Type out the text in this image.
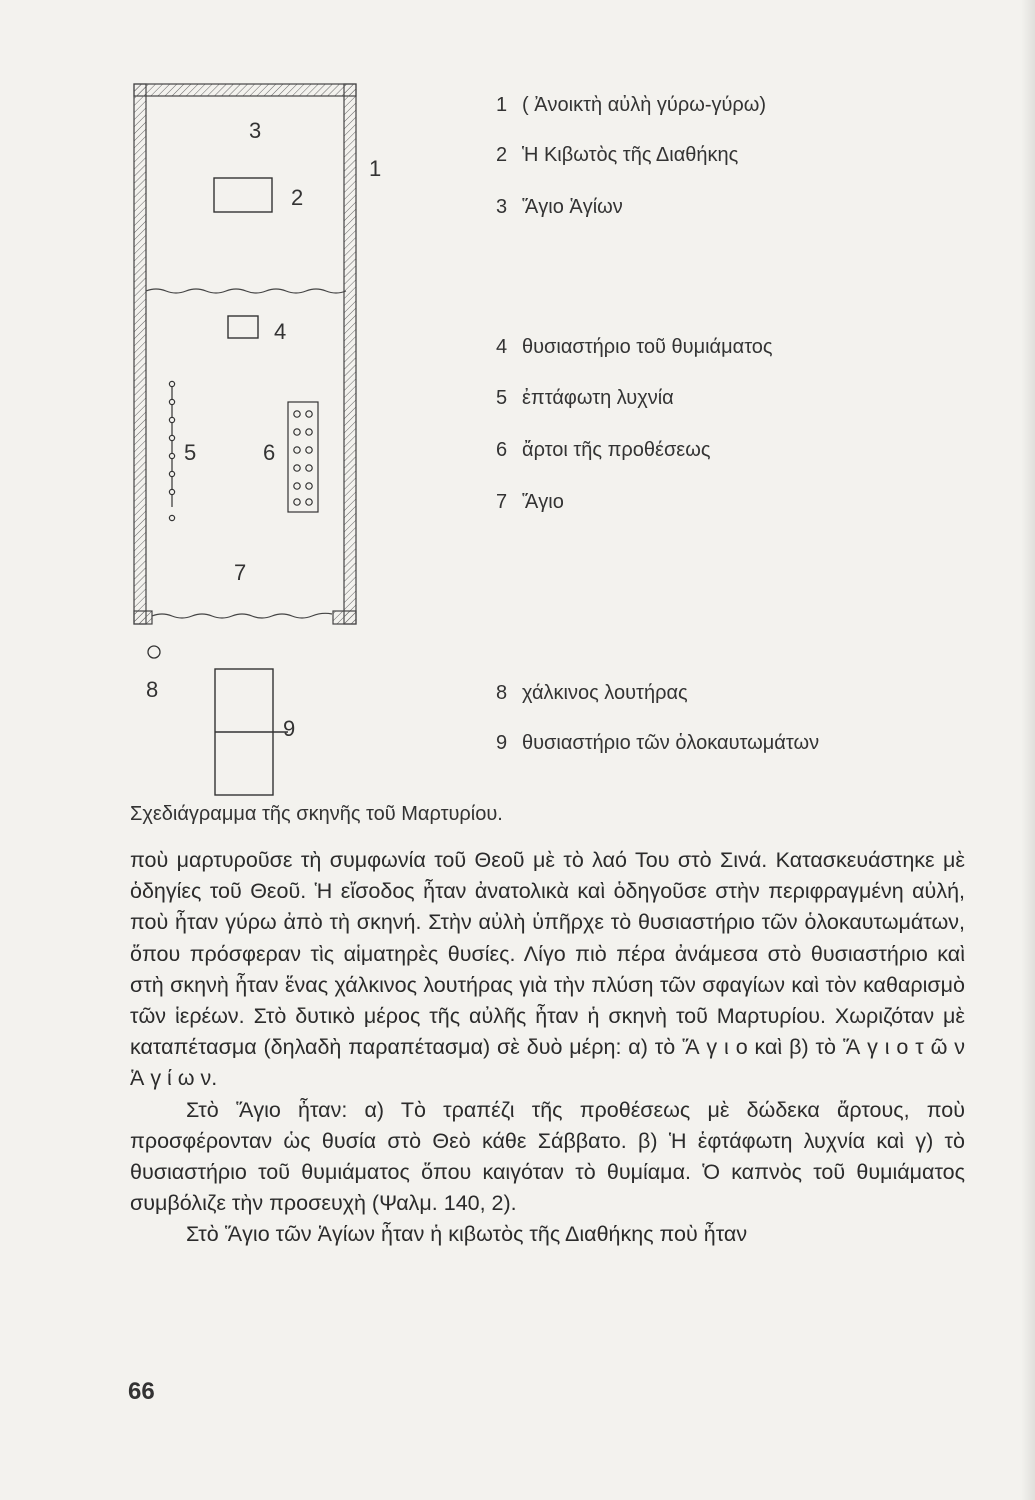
3
2
1
4
5	6
7
8
9
1 ( Ἀνοικτὴ αὐλὴ γύρω-γύρω)
2 Ἡ Κιβωτὸς τῆς Διαθήκης
3 Ἅγιο Ἁγίων
4 θυσιαστήριο τοῦ θυμιάματος
5 ἐπτάφωτη λυχνία
6 ἄρτοι τῆς προθέσεως
7 Ἅγιο
8 χάλκινος λουτήρας
9 θυσιαστήριο τῶν ὁλοκαυτωμάτων
Σχεδιάγραμμα τῆς σκηνῆς τοῦ Μαρτυρίου.

ποὺ μαρτυροῦσε τὴ συμφωνία τοῦ Θεοῦ μὲ τὸ λαό Του στὸ Σινά. Κατασκευάστηκε μὲ ὁδηγίες τοῦ Θεοῦ. Ἡ εἴσοδος ἦταν ἀνατολικὰ καὶ ὁδηγοῦσε στὴν περιφραγμένη αὐλή, ποὺ ἦταν γύρω ἀπὸ τὴ σκηνή. Στὴν αὐλὴ ὑπῆρχε τὸ θυσιαστήριο τῶν ὁλοκαυτωμάτων, ὅπου πρόσφεραν τὶς αἱματηρὲς θυσίες. Λίγο πιὸ πέρα ἀνάμεσα στὸ θυσιαστήριο καὶ στὴ σκηνὴ ἦταν ἕνας χάλκινος λουτήρας γιὰ τὴν πλύση τῶν σφαγίων καὶ τὸν καθαρισμὸ τῶν ἱερέων. Στὸ δυτικὸ μέρος τῆς αὐλῆς ἦταν ἡ σκηνὴ τοῦ Μαρτυρίου. Χωριζόταν μὲ καταπέτασμα (δηλαδὴ παραπέτασμα) σὲ δυὸ μέρη: α) τὸ Ἅ γ ι ο καὶ β) τὸ Ἅ γ ι ο τ ῶ ν Ἁ γ ί ω ν.

Στὸ Ἅγιο ἦταν: α) Τὸ τραπέζι τῆς προθέσεως μὲ δώδεκα ἄρτους, ποὺ προσφέρονταν ὡς θυσία στὸ Θεὸ κάθε Σάββατο. β) Ἡ ἑφτάφωτη λυχνία καὶ γ) τὸ θυσιαστήριο τοῦ θυμιάματος ὅπου καιγόταν τὸ θυμίαμα. Ὁ καπνὸς τοῦ θυμιάματος συμβόλιζε τὴν προσευχὴ (Ψαλμ. 140, 2).

Στὸ Ἅγιο τῶν Ἁγίων ἦταν ἡ κιβωτὸς τῆς Διαθήκης ποὺ ἦταν

66
